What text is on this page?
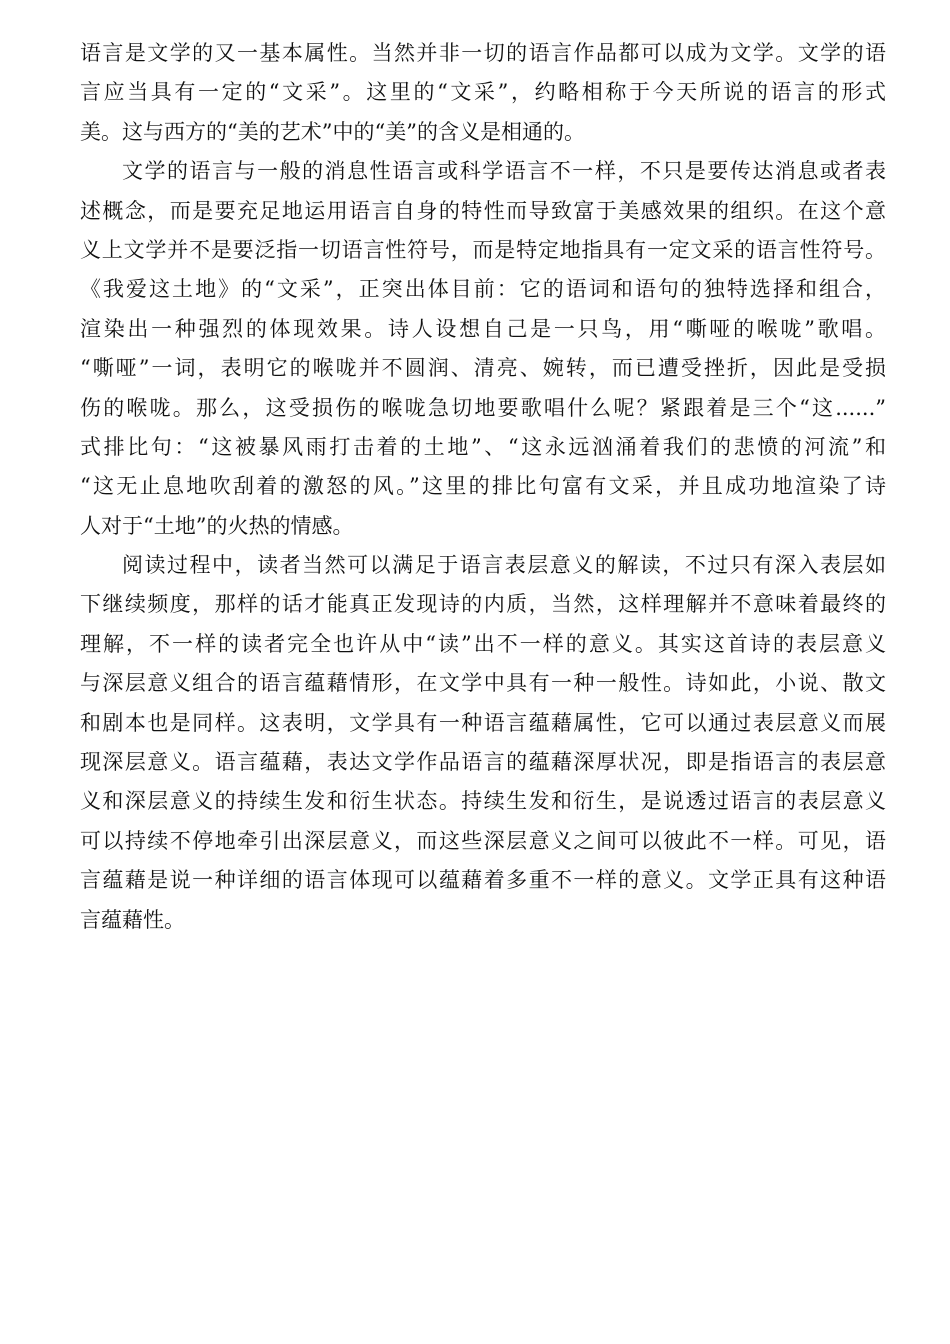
语言是文学的又一基本属性。当然并非一切的语言作品都可以成为文学。文学的语
言应当具有一定的“文采”。这里的“文采”，约略相称于今天所说的语言的形式
美。这与西方的“美的艺术”中的“美”的含义是相通的。
文学的语言与一般的消息性语言或科学语言不一样，不只是要传达消息或者表
述概念，而是要充足地运用语言自身的特性而导致富于美感效果的组织。在这个意
义上文学并不是要泛指一切语言性符号，而是特定地指具有一定文采的语言性符号。
《我爱这土地》的“文采”，正突出体目前：它的语词和语句的独特选择和组合，
渲染出一种强烈的体现效果。诗人设想自己是一只鸟，用“嘶哑的喉咙”歌唱。
“嘶哑”一词，表明它的喉咙并不圆润、清亮、婉转，而已遭受挫折，因此是受损
伤的喉咙。那么，这受损伤的喉咙急切地要歌唱什么呢？紧跟着是三个“这......”
式排比句：“这被暴风雨打击着的土地”、“这永远汹涌着我们的悲愤的河流”和
“这无止息地吹刮着的激怒的风。”这里的排比句富有文采，并且成功地渲染了诗
人对于“土地”的火热的情感。
阅读过程中，读者当然可以满足于语言表层意义的解读，不过只有深入表层如
下继续频度，那样的话才能真正发现诗的内质，当然，这样理解并不意味着最终的
理解，不一样的读者完全也许从中“读”出不一样的意义。其实这首诗的表层意义
与深层意义组合的语言蕴藉情形，在文学中具有一种一般性。诗如此，小说、散文
和剧本也是同样。这表明，文学具有一种语言蕴藉属性，它可以通过表层意义而展
现深层意义。语言蕴藉，表达文学作品语言的蕴藉深厚状况，即是指语言的表层意
义和深层意义的持续生发和衍生状态。持续生发和衍生，是说透过语言的表层意义
可以持续不停地牵引出深层意义，而这些深层意义之间可以彼此不一样。可见，语
言蕴藉是说一种详细的语言体现可以蕴藉着多重不一样的意义。文学正具有这种语
言蕴藉性。
